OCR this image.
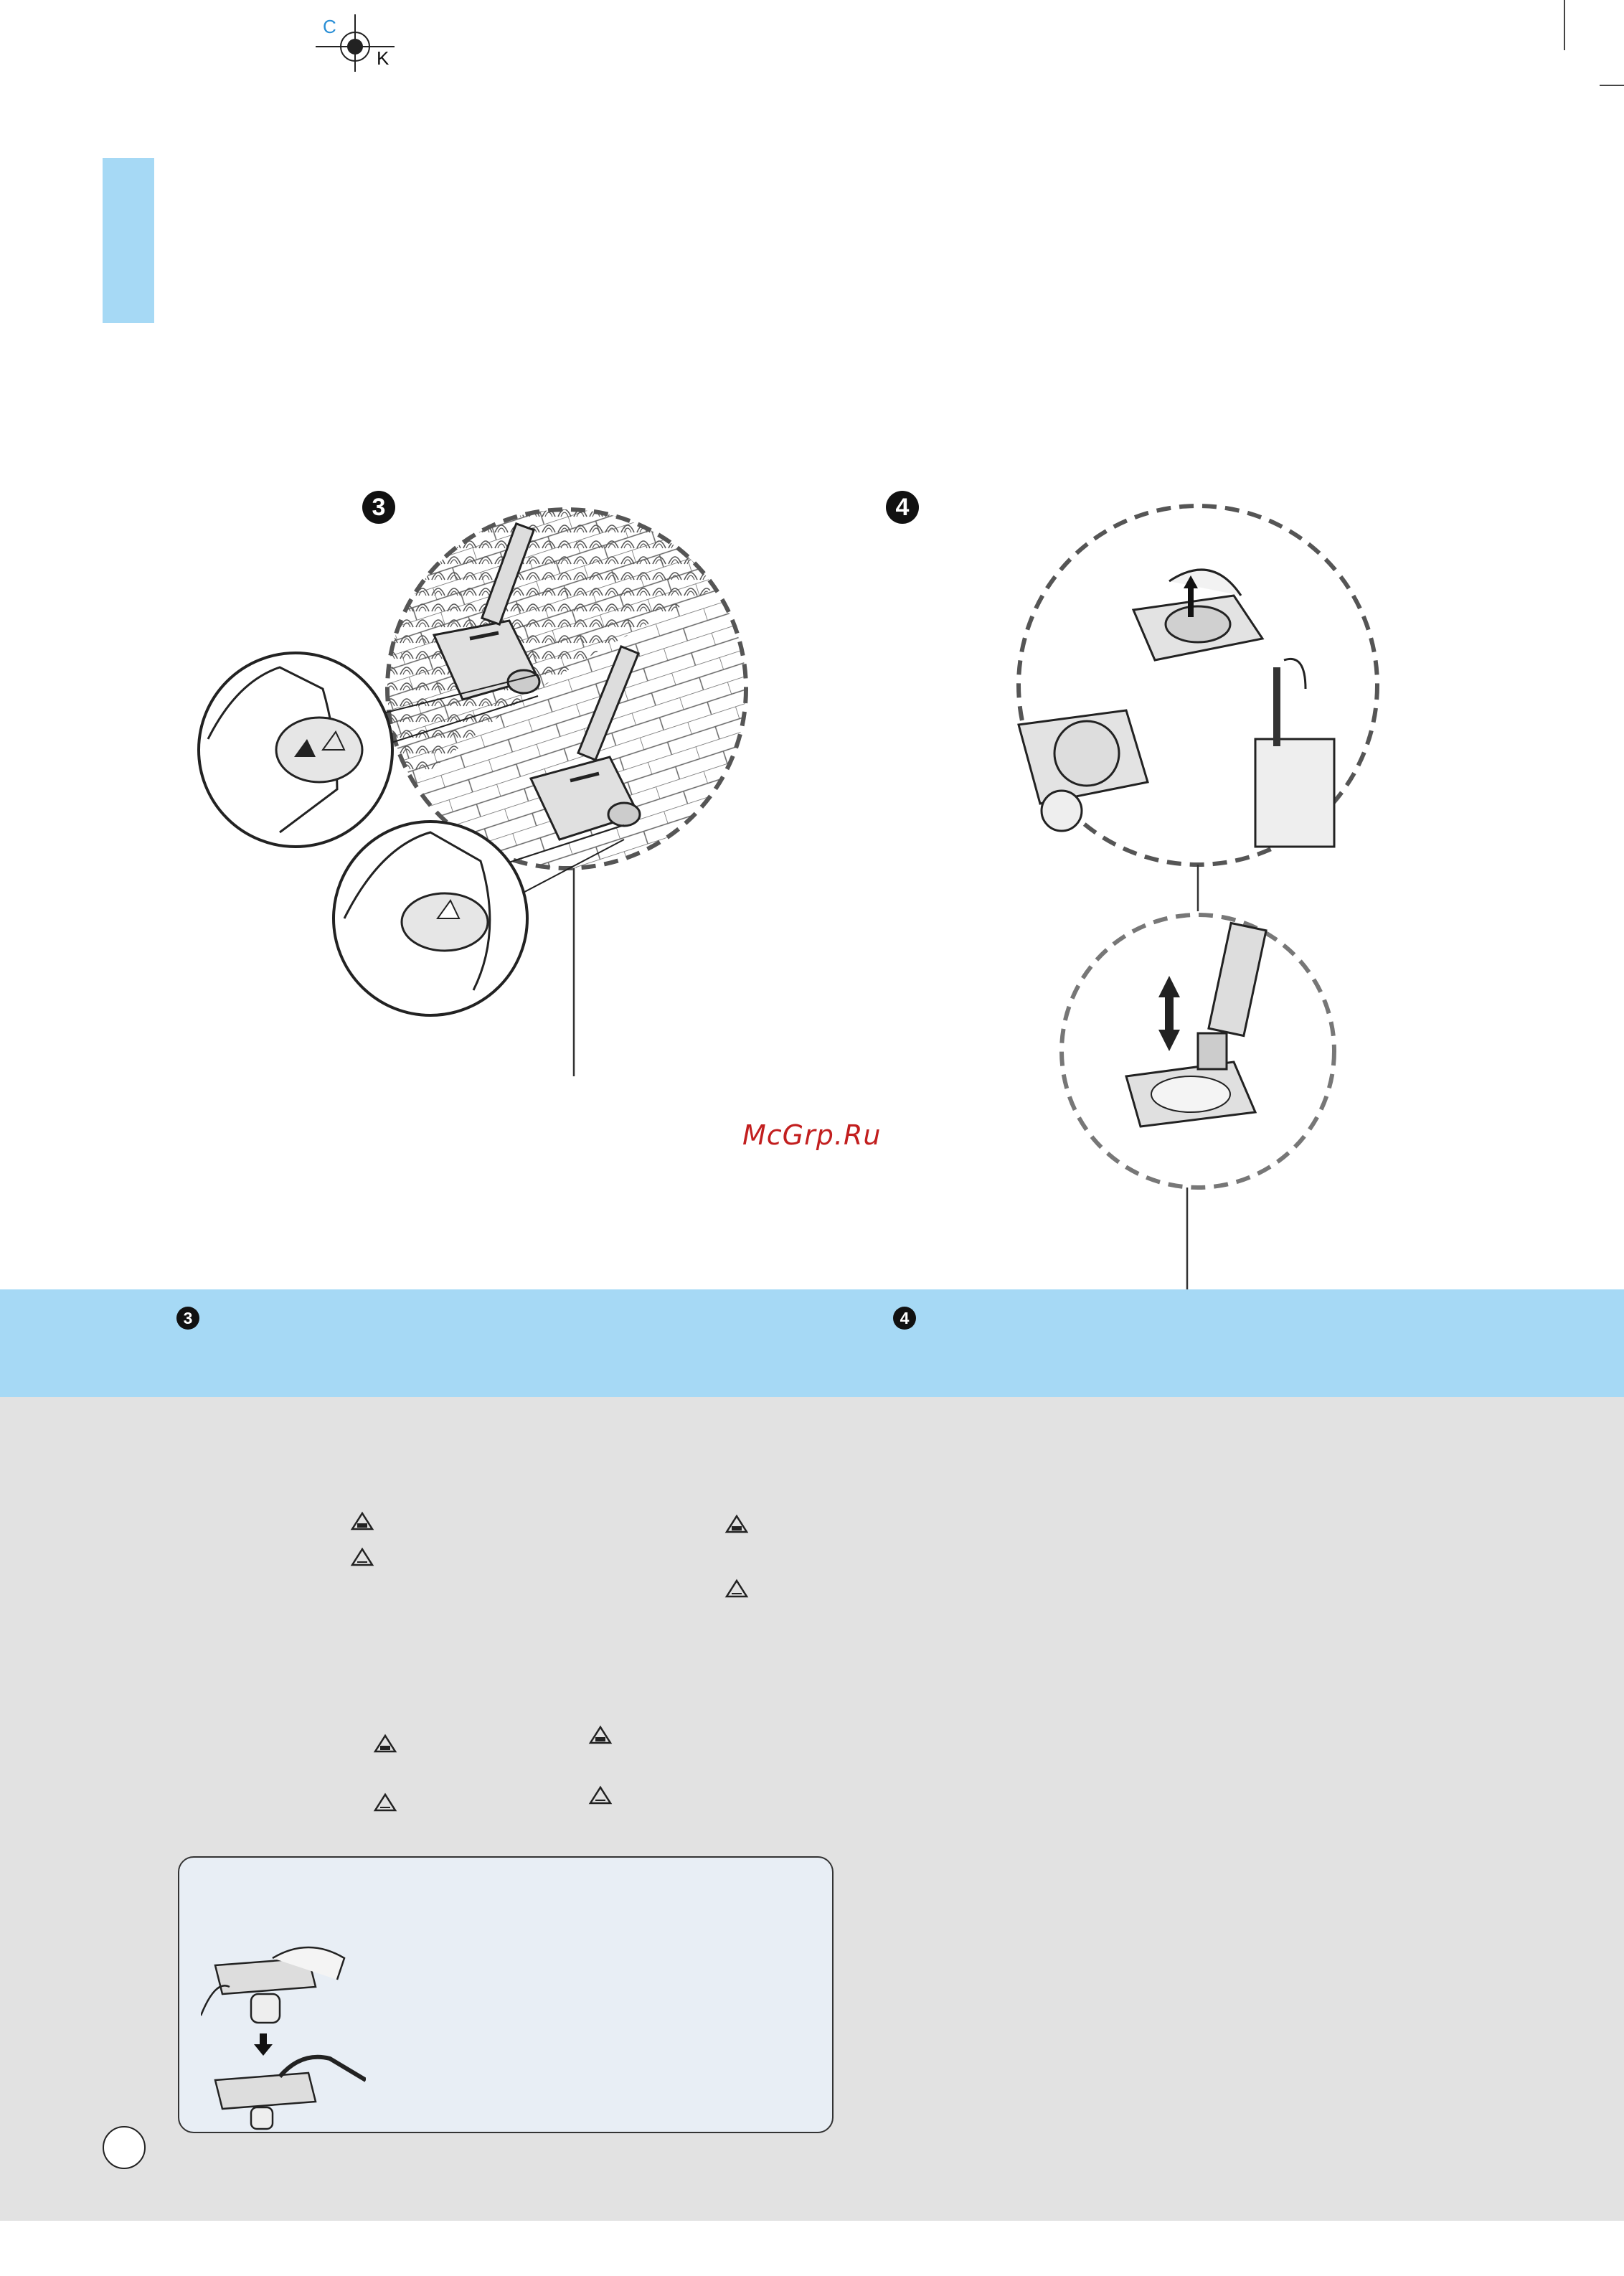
C
K
3	4
McGrp.Ru
3	4
